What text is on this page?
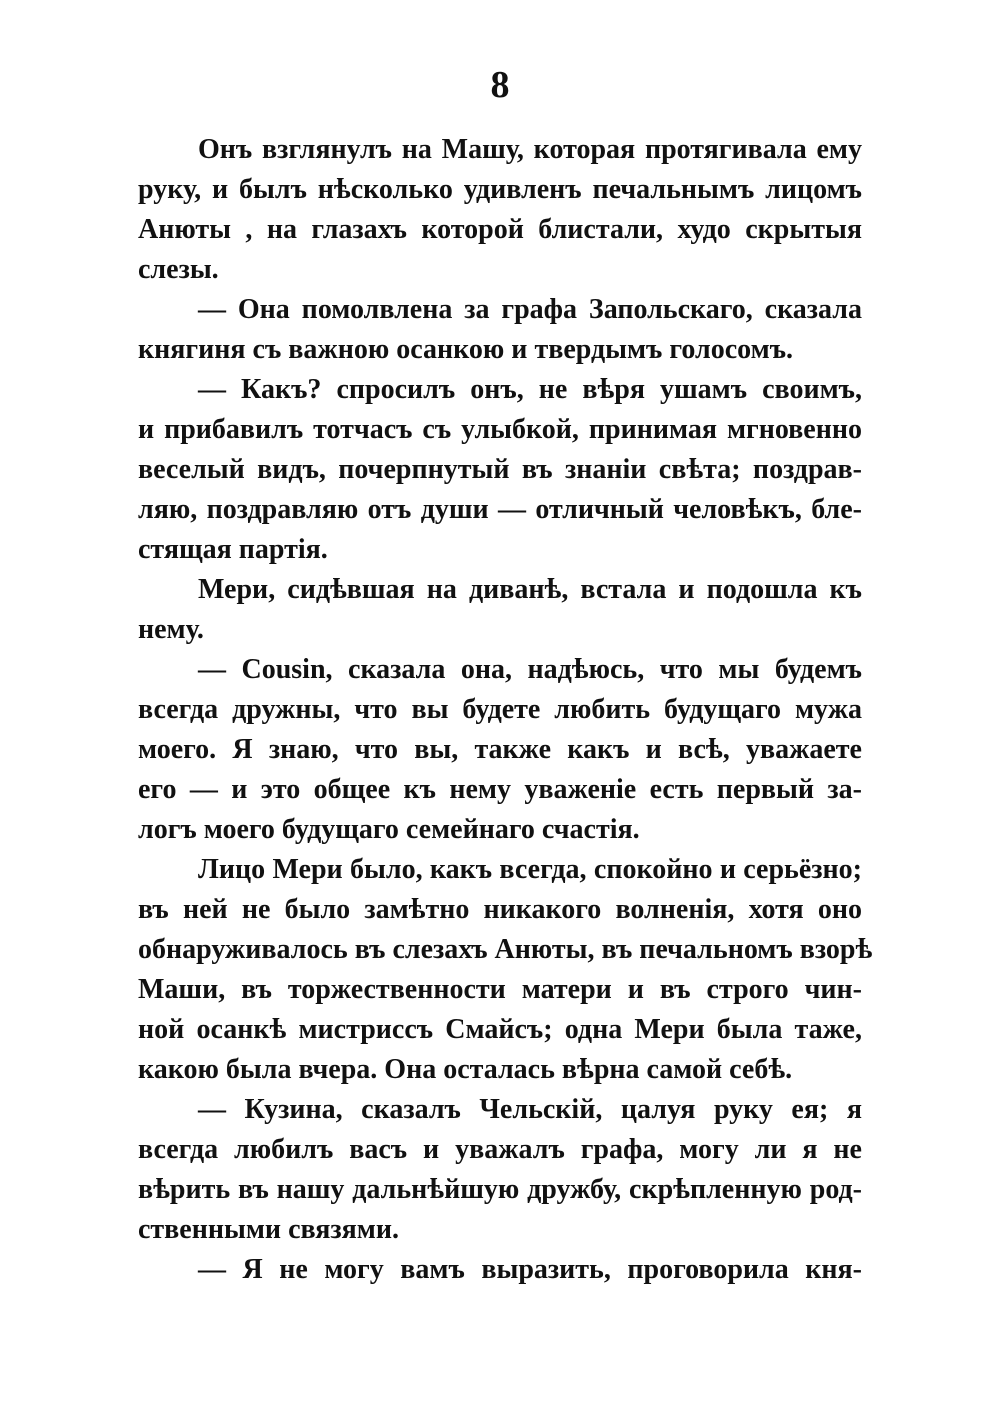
8
Онъ взглянулъ на Машу, которая протягивала ему
руку, и былъ нѣсколько удивленъ печальнымъ лицомъ
Анюты , на глазахъ которой блистали, худо скрытыя
слезы.
— Она помолвлена за графа Запольскаго, сказала
княгиня съ важною осанкою и твердымъ голосомъ.
— Какъ? спросилъ онъ, не вѣря ушамъ своимъ,
и прибавилъ тотчасъ съ улыбкой, принимая мгновенно
веселый видъ, почерпнутый въ знаніи свѣта; поздрав-
ляю, поздравляю отъ души — отличный человѣкъ, бле-
стящая партія.
Мери, сидѣвшая на диванѣ, встала и подошла къ
нему.
— Cousin, сказала она, надѣюсь, что мы будемъ
всегда дружны, что вы будете любить будущаго мужа
моего. Я знаю, что вы, также какъ и всѣ, уважаете
его — и это общее къ нему уваженіе есть первый за-
логъ моего будущаго семейнаго счастія.
Лицо Мери было, какъ всегда, спокойно и серьёзно;
въ ней не было замѣтно никакого волненія, хотя оно
обнаруживалось въ слезахъ Анюты, въ печальномъ взорѣ
Маши, въ торжественности матери и въ строго чин-
ной осанкѣ мистриссъ Смайсъ; одна Мери была таже,
какою была вчера. Она осталась вѣрна самой себѣ.
— Кузина, сказалъ Чельскій, цалуя руку ея; я
всегда любилъ васъ и уважалъ графа, могу ли я не
вѣрить въ нашу дальнѣйшую дружбу, скрѣпленную род-
ственными связями.
— Я не могу вамъ выразить, проговорила кня-
